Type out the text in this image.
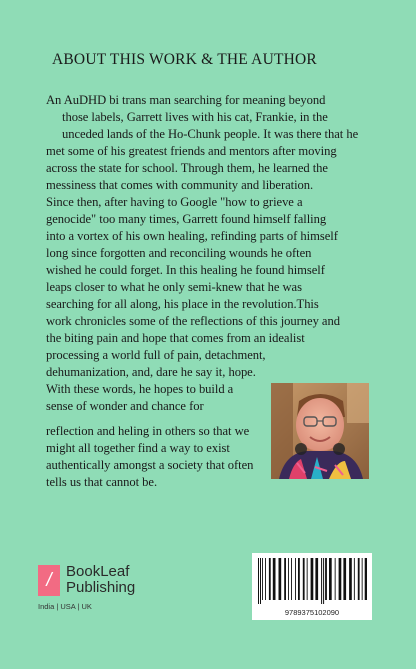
ABOUT THIS WORK & THE AUTHOR
An AuDHD bi trans man searching for meaning beyond
those labels, Garrett lives with his cat, Frankie, in the
unceded lands of the Ho-Chunk people. It was there that he
met some of his greatest friends and mentors after moving
across the state for school. Through them, he learned the
messiness that comes with community and liberation.
Since then, after having to Google "how to grieve a
genocide" too many times, Garrett found himself falling
into a vortex of his own healing, refinding parts of himself
long since forgotten and reconciling wounds he often
wished he could forget. In this healing he found himself
leaps closer to what he only semi-knew that he was
searching for all along, his place in the revolution.This
work chronicles some of the reflections of this journey and
the biting pain and hope that comes from an idealist
processing a world full of pain, detachment,
dehumanization, and, dare he say it, hope.
With these words, he hopes to build a
sense of wonder and chance for
reflection and heling in others so that we
might all together find a way to exist
authentically amongst a society that often
tells us that cannot be.
/ BookLeaf
Publishing
India | USA | UK
9789375102090
